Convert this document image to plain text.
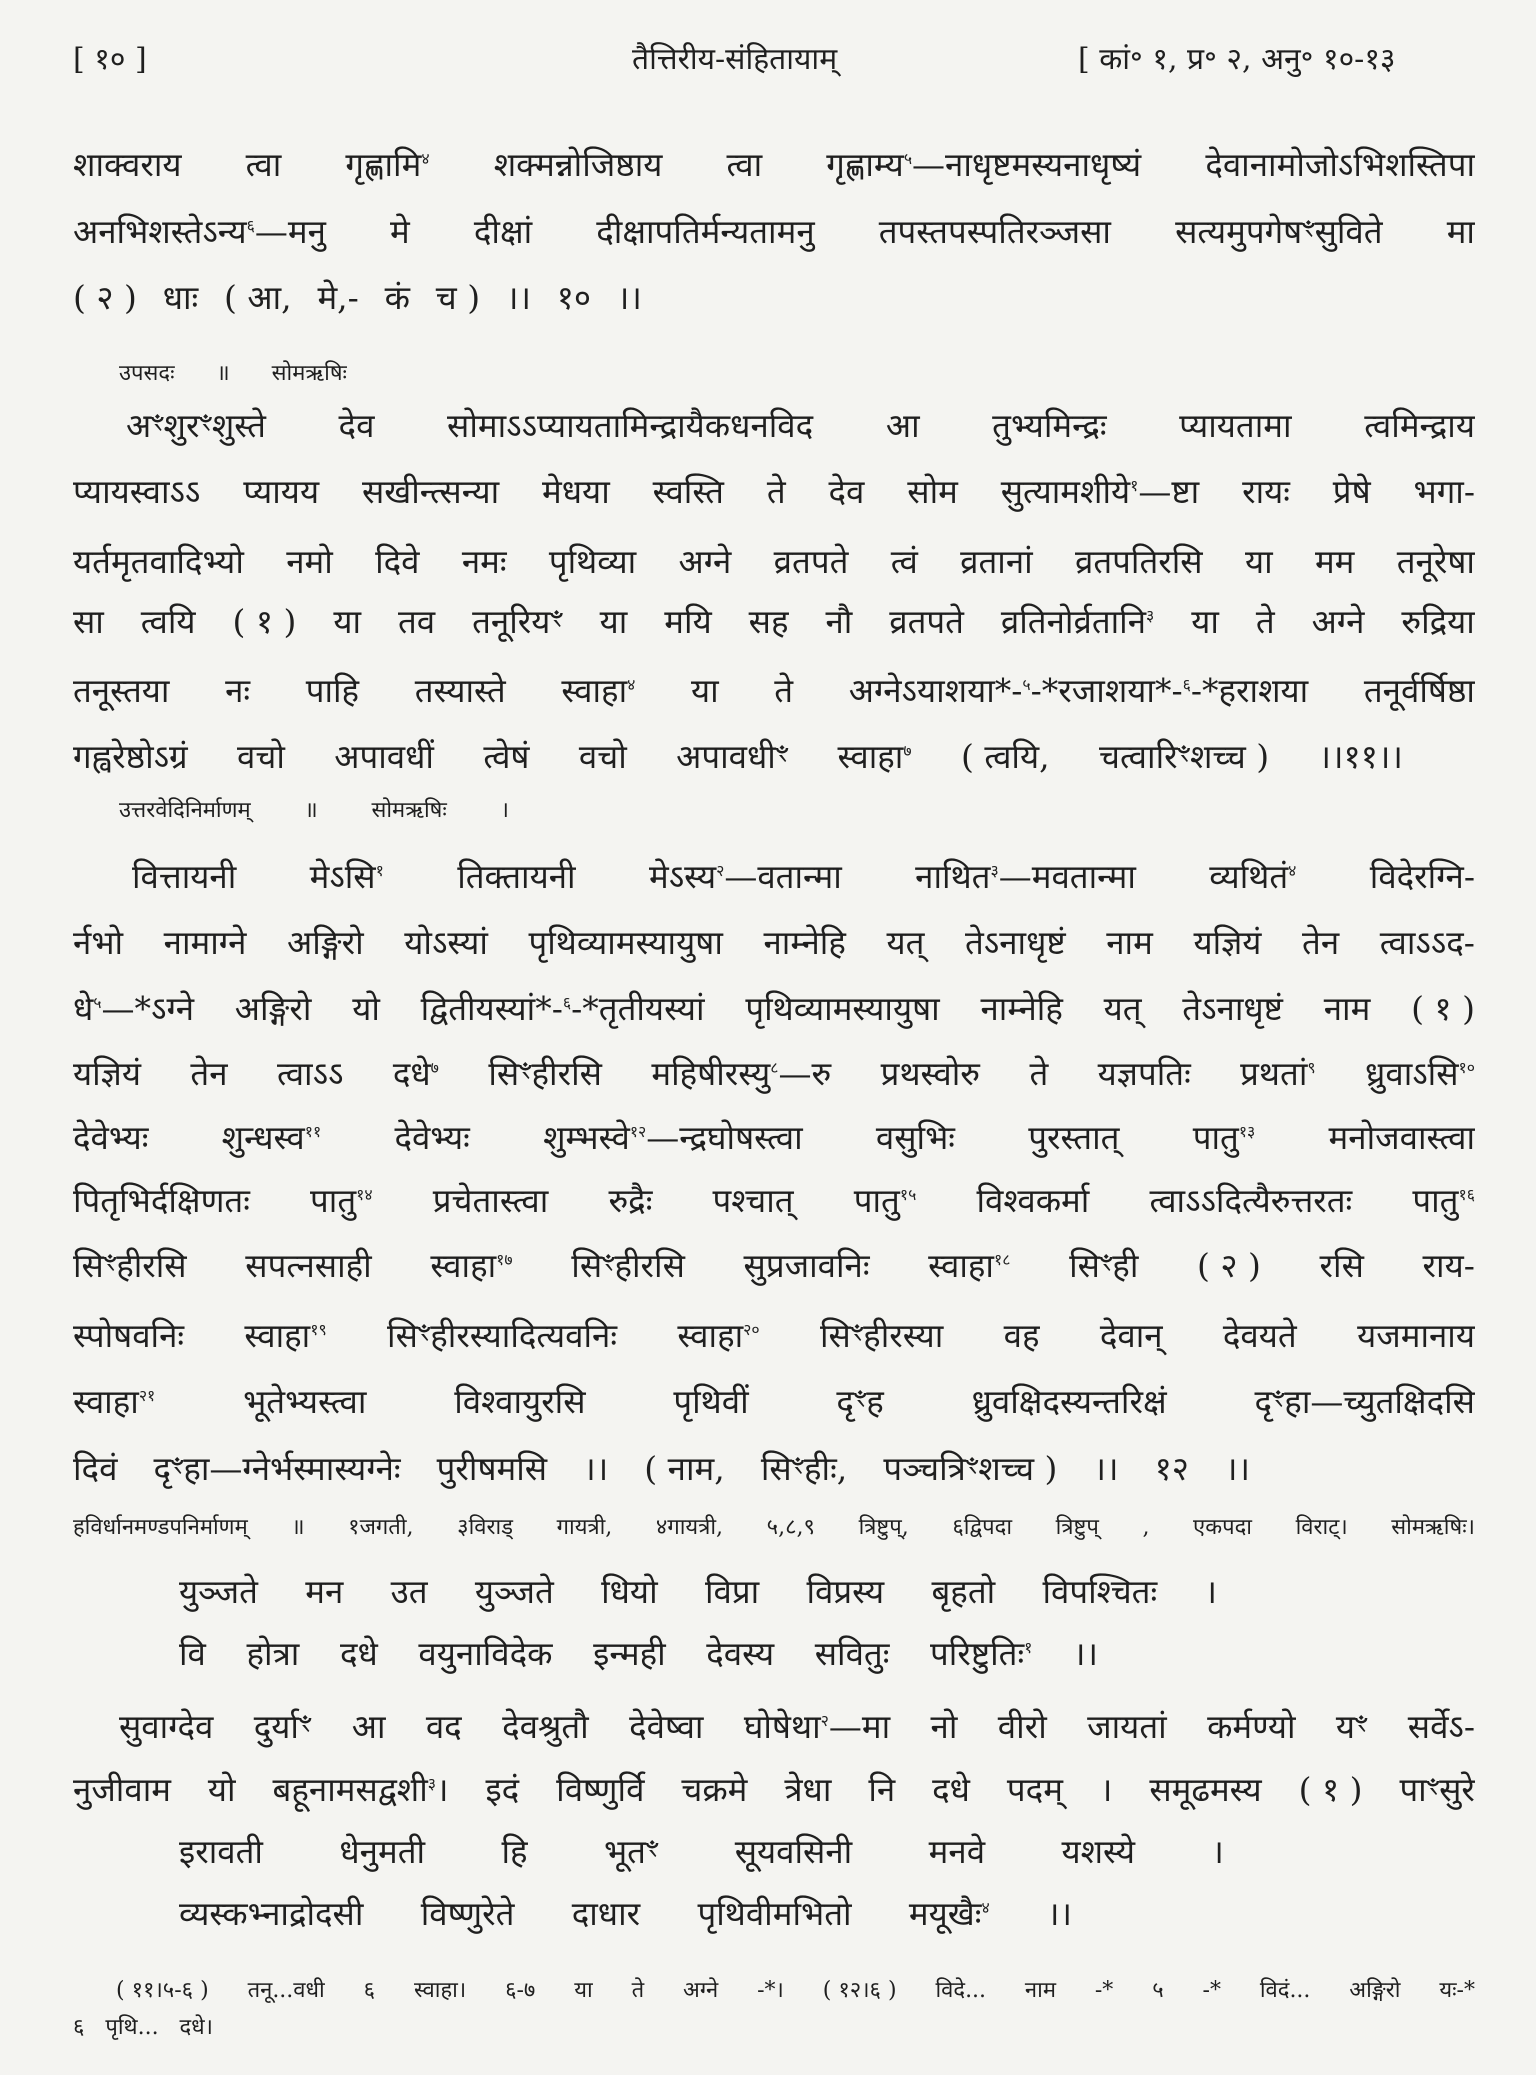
[ १० ]	तैत्तिरीय-संहितायाम्	[ कां॰ १, प्र॰ २, अनु॰ १०-१३
शाक्वराय त्वा गृह्णामि$^४$ शक्मन्नोजिष्ठाय त्वा गृह्णाम्य$^५$—नाधृष्टमस्यनाधृष्यं देवानामोजोऽभिशस्तिपा
अनभिशस्तेऽन्य$^६$—मनु मे दीक्षां दीक्षापतिर्मन्यतामनु तपस्तपस्पतिरञ्जसा सत्यमुपगेषꣳसुविते मा
( २ ) धाः ( आ, मे,- कं च ) ।। १० ।।
उपसदः ॥ सोमऋषिः
अꣳशुरꣳशुस्ते देव सोमाऽऽप्यायतामिन्द्रायैकधनविद आ तुभ्यमिन्द्रः प्यायतामा त्वमिन्द्राय
प्यायस्वाऽऽ प्यायय सखीन्त्सन्या मेधया स्वस्ति ते देव सोम सुत्यामशीये$^१$—ष्टा रायः प्रेषे भगा-
यर्तमृतवादिभ्यो नमो दिवे नमः पृथिव्या अग्ने व्रतपते त्वं व्रतानां व्रतपतिरसि या मम तनूरेषा
सा त्वयि ( १ ) या तव तनूरियꣳ या मयि सह नौ व्रतपते व्रतिनोर्व्रतानि$^३$ या ते अग्ने रुद्रिया
तनूस्तया नः पाहि तस्यास्ते स्वाहा$^४$ या ते अग्नेऽयाशया*-$^५$-*रजाशया*-$^६$-*हराशया तनूर्वर्षिष्ठा
गह्वरेष्ठोऽग्रं वचो अपावधीं त्वेषं वचो अपावधीꣳ स्वाहा$^७$ ( त्वयि, चत्वारिꣳशच्च ) ।।११।।
उत्तरवेदिनिर्माणम् ॥ सोमऋषिः ।
वित्तायनी मेऽसि$^१$ तिक्तायनी मेऽस्य$^२$—वतान्मा नाथित$^३$—मवतान्मा व्यथितं$^४$ विदेरग्नि-
र्नभो नामाग्ने अङ्गिरो योऽस्यां पृथिव्यामस्यायुषा नाम्नेहि यत् तेऽनाधृष्टं नाम यज्ञियं तेन त्वाऽऽद-
धे$^५$—*ऽग्ने अङ्गिरो यो द्वितीयस्यां*-$^६$-*तृतीयस्यां पृथिव्यामस्यायुषा नाम्नेहि यत् तेऽनाधृष्टं नाम ( १ )
यज्ञियं तेन त्वाऽऽ दधे$^७$ सिꣳहीरसि महिषीरस्यु$^८$—रु प्रथस्वोरु ते यज्ञपतिः प्रथतां$^९$ ध्रुवाऽसि$^{१०}$
देवेभ्यः शुन्धस्व$^{११}$ देवेभ्यः शुम्भस्वे$^{१२}$—न्द्रघोषस्त्वा वसुभिः पुरस्तात् पातु$^{१३}$ मनोजवास्त्वा
पितृभिर्दक्षिणतः पातु$^{१४}$ प्रचेतास्त्वा रुद्रैः पश्चात् पातु$^{१५}$ विश्वकर्मा त्वाऽऽदित्यैरुत्तरतः पातु$^{१६}$
सिꣳहीरसि सपत्नसाही स्वाहा$^{१७}$ सिꣳहीरसि सुप्रजावनिः स्वाहा$^{१८}$ सिꣳही ( २ ) रसि राय-
स्पोषवनिः स्वाहा$^{१९}$ सिꣳहीरस्यादित्यवनिः स्वाहा$^{२०}$ सिꣳहीरस्या वह देवान् देवयते यजमानाय
स्वाहा$^{२१}$	भूतेभ्यस्त्वा	विश्वायुरसि	पृथिवीं	दृꣳह	ध्रुवक्षिदस्यन्तरिक्षं	दृꣳहा—च्युतक्षिदसि
दिवं दृꣳहा—ग्नेर्भस्मास्यग्नेः पुरीषमसि ।। ( नाम, सिꣳहीः, पञ्चत्रिꣳशच्च ) ।। १२ ।।
हविर्धानमण्डपनिर्माणम् ॥ १जगती, ३विराड् गायत्री, ४गायत्री, ५,८,९ त्रिष्टुप्, ६द्विपदा त्रिष्टुप् , एकपदा विराट्। सोमऋषिः।
युञ्जते मन उत युञ्जते धियो विप्रा विप्रस्य बृहतो विपश्चितः ।
वि होत्रा दधे वयुनाविदेक इन्मही देवस्य सवितुः परिष्टुतिः$^१$ ।।
सुवाग्देव दुर्याꣳ आ वद देवश्रुतौ देवेष्वा घोषेथा$^२$—मा नो वीरो जायतां कर्मण्यो यꣳ सर्वेऽ-
नुजीवाम यो बहूनामसद्वशी$^३$। इदं विष्णुर्वि चक्रमे त्रेधा नि दधे पदम् । समूढमस्य ( १ ) पाꣳसुरे
इरावती धेनुमती हि भूतꣳ सूयवसिनी मनवे यशस्ये ।
व्यस्कभ्नाद्रोदसी विष्णुरेते दाधार पृथिवीमभितो मयूखैः$^४$ ।।
( ११।५-६ ) तनू...वधी ६ स्वाहा। ६-७ या ते अग्ने -*। ( १२।६ ) विदे... नाम -* ५ -* विदं... अङ्गिरो यः-*
६ पृथि... दधे।
